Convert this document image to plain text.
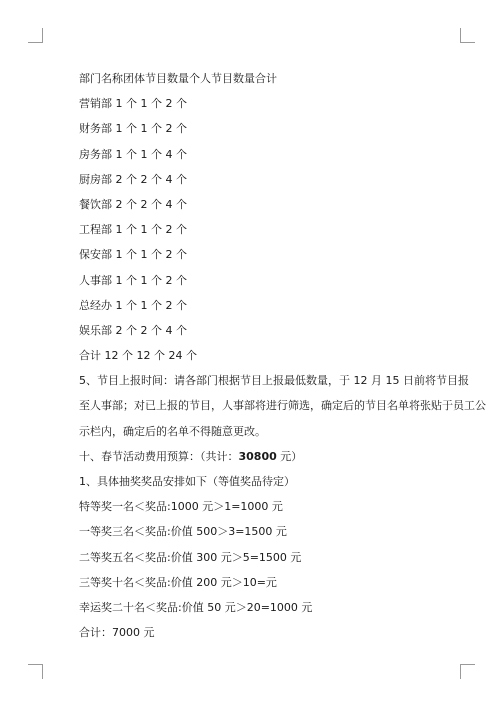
部门名称团体节目数量个人节目数量合计
营销部 1 个 1 个 2 个
财务部 1 个 1 个 2 个
房务部 1 个 1 个 4 个
厨房部 2 个 2 个 4 个
餐饮部 2 个 2 个 4 个
工程部 1 个 1 个 2 个
保安部 1 个 1 个 2 个
人事部 1 个 1 个 2 个
总经办 1 个 1 个 2 个
娱乐部 2 个 2 个 4 个
合计 12 个 12 个 24 个
5、节目上报时间：请各部门根据节目上报最低数量，于 12 月 15 日前将节目报
至人事部；对已上报的节目，人事部将进行筛选，确定后的节目名单将张贴于员工公
示栏内，确定后的名单不得随意更改。
十、春节活动费用预算：（共计：30800 元）
1、具体抽奖奖品安排如下（等值奖品待定）
特等奖一名＜奖品:1000 元＞1=1000 元
一等奖三名＜奖品:价值 500＞3=1500 元
二等奖五名＜奖品:价值 300 元＞5=1500 元
三等奖十名＜奖品:价值 200 元＞10=元
幸运奖二十名＜奖品:价值 50 元＞20=1000 元
合计：7000 元
